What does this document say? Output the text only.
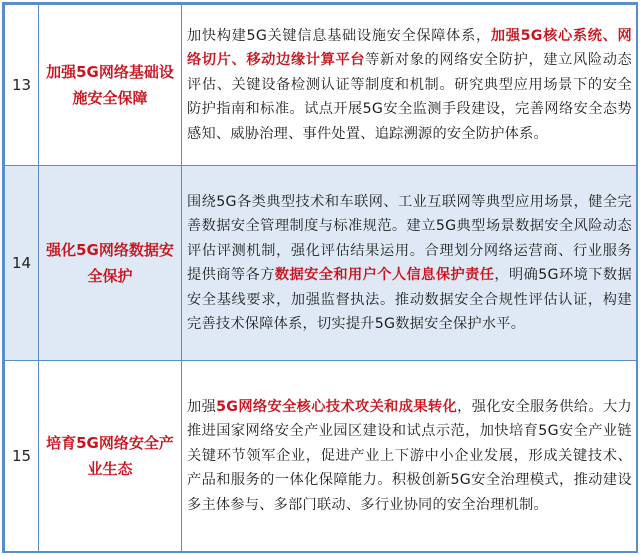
13	加强5G网络基础设施安全保障	加快构建5G关键信息基础设施安全保障体系，加强5G核心系统、网络切片、移动边缘计算平台等新对象的网络安全防护，建立风险动态评估、关键设备检测认证等制度和机制。研究典型应用场景下的安全防护指南和标准。试点开展5G安全监测手段建设，完善网络安全态势感知、威胁治理、事件处置、追踪溯源的安全防护体系。
14	强化5G网络数据安全保护	围绕5G各类典型技术和车联网、工业互联网等典型应用场景，健全完善数据安全管理制度与标准规范。建立5G典型场景数据安全风险动态评估评测机制，强化评估结果运用。合理划分网络运营商、行业服务提供商等各方数据安全和用户个人信息保护责任，明确5G环境下数据安全基线要求，加强监督执法。推动数据安全合规性评估认证，构建完善技术保障体系，切实提升5G数据安全保护水平。
15	培育5G网络安全产业生态	加强5G网络安全核心技术攻关和成果转化，强化安全服务供给。大力推进国家网络安全产业园区建设和试点示范，加快培育5G安全产业链关键环节领军企业，促进产业上下游中小企业发展，形成关键技术、产品和服务的一体化保障能力。积极创新5G安全治理模式，推动建设多主体参与、多部门联动、多行业协同的安全治理机制。
